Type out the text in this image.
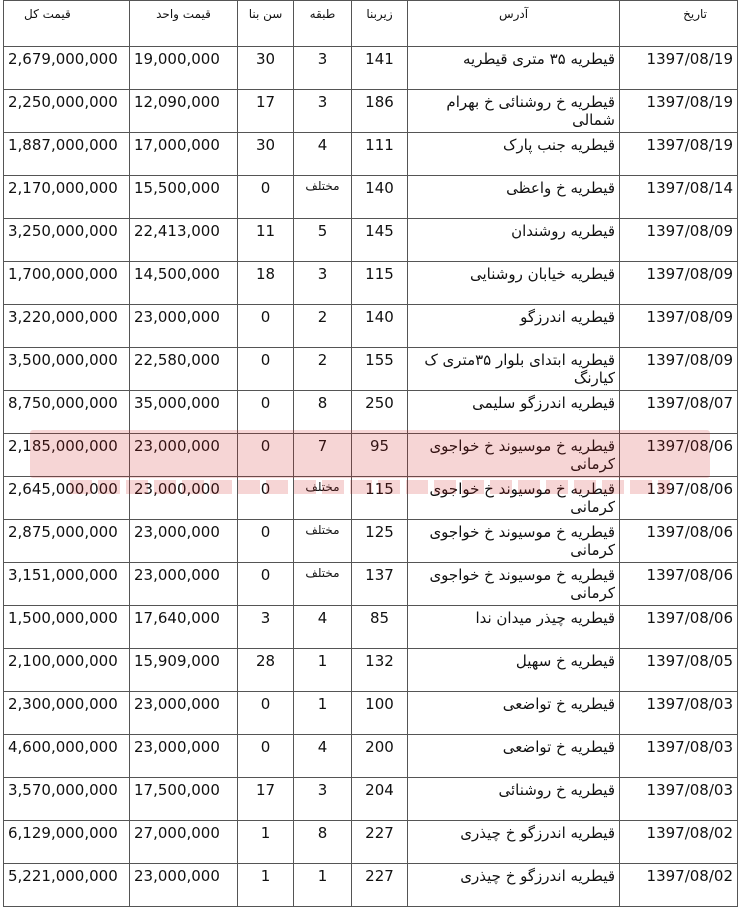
تاریخ	آدرس	زیربنا	طبقه	سن بنا	قیمت واحد	قیمت کل
1397/08/19	قیطریه ۳۵ متری قیطریه	141	3	30	19,000,000	2,679,000,000
1397/08/19	قیطریه خ روشنائی خ بهرام شمالی	186	3	17	12,090,000	2,250,000,000
1397/08/19	قیطریه جنب پارک	111	4	30	17,000,000	1,887,000,000
1397/08/14	قیطریه خ واعظی	140	مختلف	0	15,500,000	2,170,000,000
1397/08/09	قیطریه روشندان	145	5	11	22,413,000	3,250,000,000
1397/08/09	قیطریه خیابان روشنایی	115	3	18	14,500,000	1,700,000,000
1397/08/09	قیطریه اندرزگو	140	2	0	23,000,000	3,220,000,000
1397/08/09	قیطریه ابتدای بلوار ۳۵متری ک کیارنگ	155	2	0	22,580,000	3,500,000,000
1397/08/07	قیطریه اندرزگو سلیمی	250	8	0	35,000,000	8,750,000,000
1397/08/06	قیطریه خ موسیوند خ خواجوی کرمانی	95	7	0	23,000,000	2,185,000,000
1397/08/06	قیطریه خ موسیوند خ خواجوی کرمانی	115	مختلف	0	23,000,000	2,645,000,000
1397/08/06	قیطریه خ موسیوند خ خواجوی کرمانی	125	مختلف	0	23,000,000	2,875,000,000
1397/08/06	قیطریه خ موسیوند خ خواجوی کرمانی	137	مختلف	0	23,000,000	3,151,000,000
1397/08/06	قیطریه چیذر میدان ندا	85	4	3	17,640,000	1,500,000,000
1397/08/05	قیطریه خ سهیل	132	1	28	15,909,000	2,100,000,000
1397/08/03	قیطریه خ تواضعی	100	1	0	23,000,000	2,300,000,000
1397/08/03	قیطریه خ تواضعی	200	4	0	23,000,000	4,600,000,000
1397/08/03	قیطریه خ روشنائی	204	3	17	17,500,000	3,570,000,000
1397/08/02	قیطریه اندرزگو خ چیذری	227	8	1	27,000,000	6,129,000,000
1397/08/02	قیطریه اندرزگو خ چیذری	227	1	1	23,000,000	5,221,000,000
